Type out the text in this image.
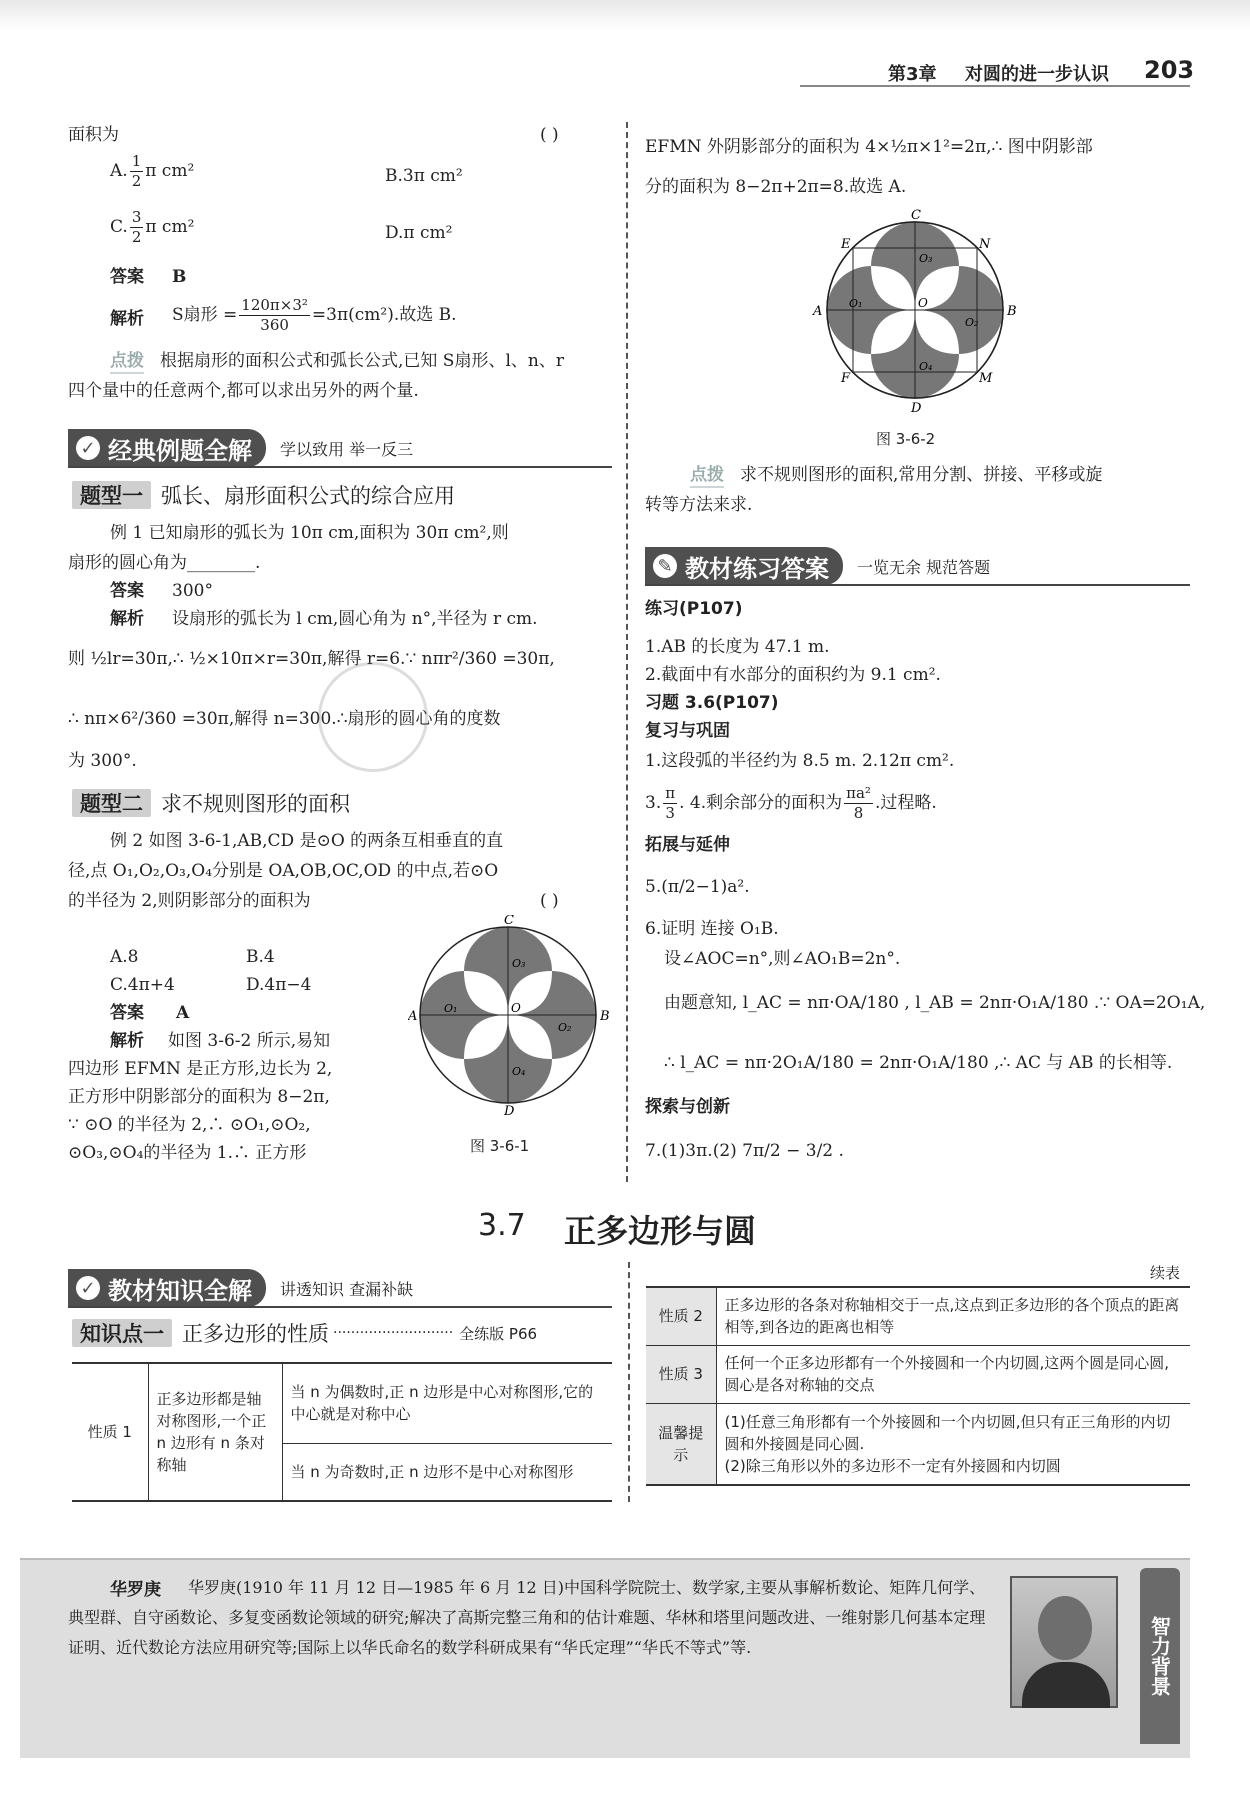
第3章 对圆的进一步认识 203
面积为	( )
A. $\frac{1}{2}$ π cm²	B.3π cm²
C. $\frac{3}{2}$ π cm²	D.π cm²
答案 B
解析 S扇形 = $\frac{\text{120π×3²}}{360} =3\pi(cm^2)$.故选 B.
点拨 根据扇形的面积公式和弧长公式,已知 S扇形、l、n、r
四个量中的任意两个,都可以求出另外的两个量.
✓ 经典例题全解 学以致用 举一反三
题型一 弧长、扇形面积公式的综合应用
例 1 已知扇形的弧长为 10π cm,面积为 30π cm²,则
扇形的圆心角为________.
答案 300°
解析 设扇形的弧长为 l cm,圆心角为 n°,半径为 r cm.
则 ½lr=30π,∴ ½×10π×r=30π,解得 r=6.∵ nπr²/360 =30π,
∴ nπ×6²/360 =30π,解得 n=300.∴扇形的圆心角的度数
为 300°.
题型二 求不规则图形的面积
例 2 如图 3-6-1,AB,CD 是⊙O 的两条互相垂直的直
径,点 O₁,O₂,O₃,O₄分别是 OA,OB,OC,OD 的中点,若⊙O
的半径为 2,则阴影部分的面积为	( )
A.8	B.4
C.4π+4	D.4π−4
答案 A
解析 如图 3-6-2 所示,易知
四边形 EFMN 是正方形,边长为 2,
正方形中阴影部分的面积为 8−2π,
∵ ⊙O 的半径为 2,∴ ⊙O₁,⊙O₂,
⊙O₃,⊙O₄的半径为 1.∴ 正方形
C
D
A	B
O
O₁
O₂
O₃
O₄
图 3-6-1
EFMN 外阴影部分的面积为 4×½π×1²=2π,∴ 图中阴影部
分的面积为 8−2π+2π=8.故选 A.
C
D
A	B
E	N
F	M
O
O₁
O₂
O₃
O₄
图 3-6-2
点拨 求不规则图形的面积,常用分割、拼接、平移或旋
转等方法来求.
✎ 教材练习答案 一览无余 规范答题
练习(P107)
1.AB 的长度为 47.1 m.
2.截面中有水部分的面积约为 9.1 cm².
习题 3.6(P107)
复习与巩固
1.这段弧的半径约为 8.5 m. 2.12π cm².
3. $\frac{\pi}{3}$ . 4.剩余部分的面积为 $\frac{\text{πa²}}{8}$ .过程略.
拓展与延伸
5.(π/2−1)a².
6.证明 连接 O₁B.
设∠AOC=n°,则∠AO₁B=2n°.
由题意知, l_AC = nπ·OA/180 , l_AB = 2nπ·O₁A/180 .∵ OA=2O₁A,
∴ l_AC = nπ·2O₁A/180 = 2nπ·O₁A/180 ,∴ AC 与 AB 的长相等.
探索与创新
7.(1)3π.(2) 7π/2 − 3/2 .
3.7 正多边形与圆
✓ 教材知识全解 讲透知识 查漏补缺
知识点一 正多边形的性质 ··························· 全练版 P66
性质 1	正多边形都是轴对称图形,一个正 n 边形有 n 条对称轴	当 n 为偶数时,正 n 边形是中心对称图形,它的中心就是对称中心
当 n 为奇数时,正 n 边形不是中心对称图形
续表
性质 2	正多边形的各条对称轴相交于一点,这点到正多边形的各个顶点的距离相等,到各边的距离也相等
性质 3	任何一个正多边形都有一个外接圆和一个内切圆,这两个圆是同心圆,圆心是各对称轴的交点
温馨提示	(1)任意三角形都有一个外接圆和一个内切圆,但只有正三角形的内切圆和外接圆是同心圆.
(2)除三角形以外的多边形不一定有外接圆和内切圆
华罗庚	华罗庚(1910 年 11 月 12 日—1985 年 6 月 12 日)中国科学院院士、数学家,主要从事解析数论、矩阵几何学、典型群、自守函数论、多复变函数论领域的研究;解决了高斯完整三角和的估计难题、华林和塔里问题改进、一维射影几何基本定理证明、近代数论方法应用研究等;国际上以华氏命名的数学科研成果有“华氏定理”“华氏不等式”等.	智力背景
